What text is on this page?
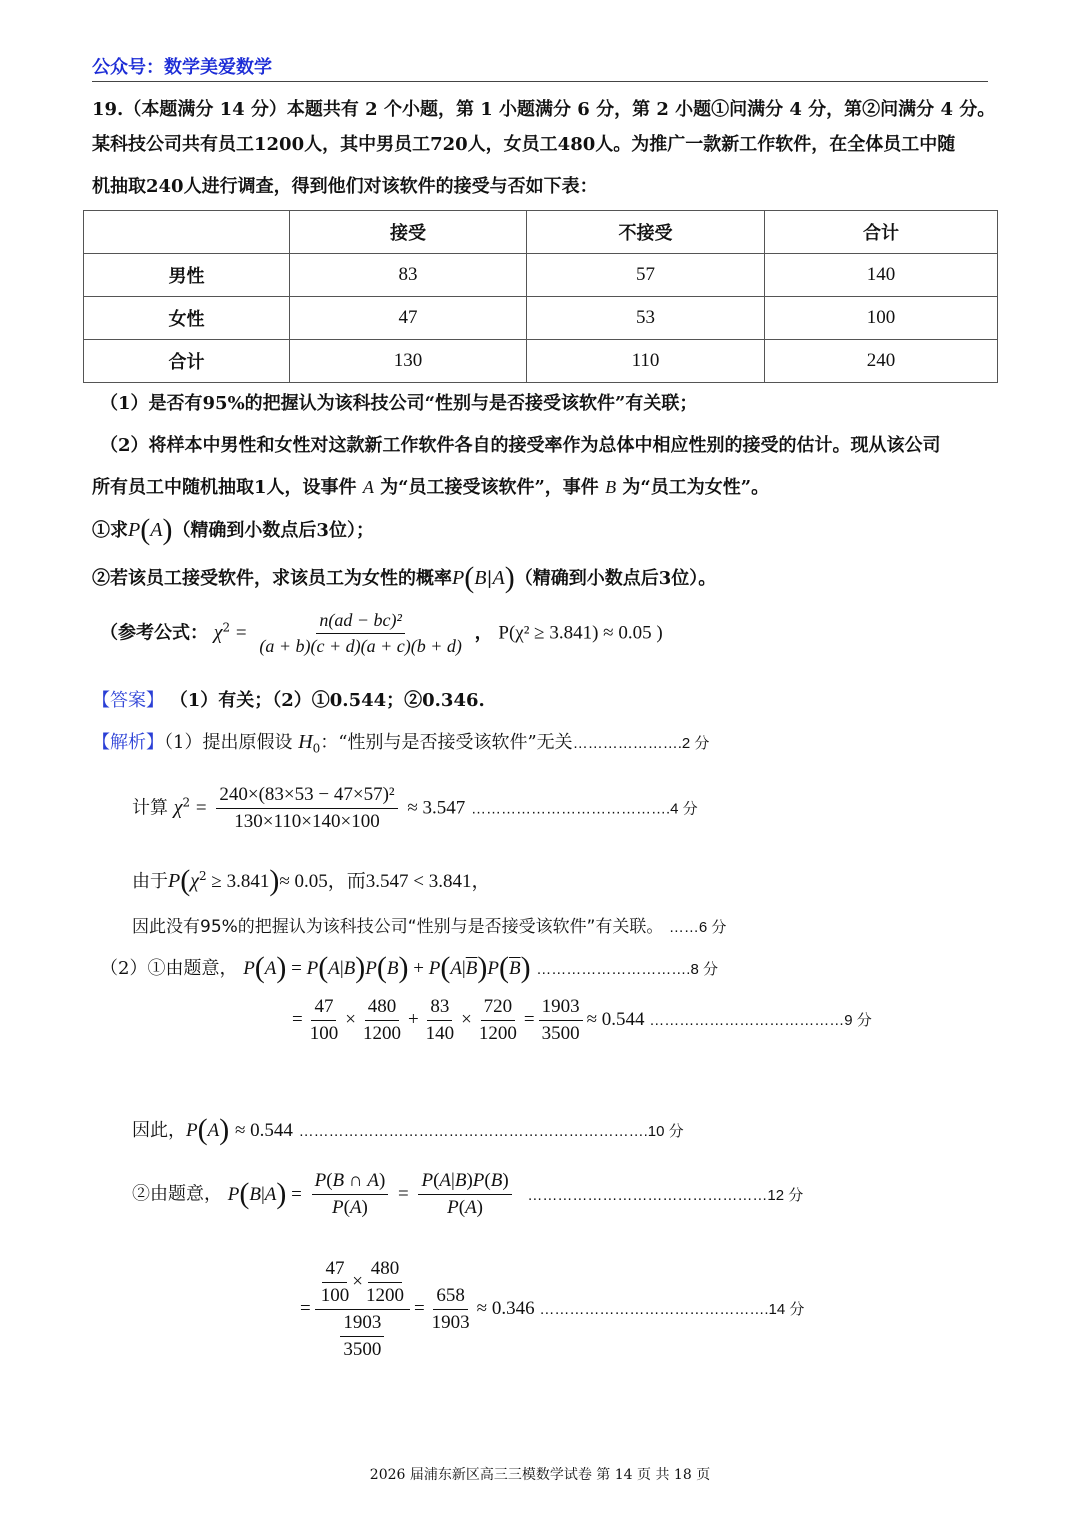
公众号：数学美爱数学
19.（本题满分 14 分）本题共有 2 个小题，第 1 小题满分 6 分，第 2 小题①问满分 4 分，第②问满分 4 分。
某科技公司共有员工1200人，其中男员工720人，女员工480人。为推广一款新工作软件，在全体员工中随
机抽取240人进行调查，得到他们对该软件的接受与否如下表：
	接受	不接受	合计
男性	83	57	140
女性	47	53	100
合计	130	110	240
（1）是否有95%的把握认为该科技公司“性别与是否接受该软件”有关联；
（2）将样本中男性和女性对这款新工作软件各自的接受率作为总体中相应性别的接受的估计。现从该公司
所有员工中随机抽取1人，设事件 A 为“员工接受该软件”，事件 B 为“员工为女性”。
①求P(A)（精确到小数点后3位）；
②若该员工接受软件，求该员工为女性的概率P(B|A)（精确到小数点后3位）。
（参考公式： $\chi^2 = \frac{\text{n(ad − bc)²}}{(a + b)(c + d)(a + c)(b + d)}$ ， P(χ² ≥ 3.841) ≈ 0.05 )
【答案】 （1）有关；（2）①0.544；②0.346.
【解析】（1）提出原假设 $H_0$：“性别与是否接受该软件”无关………………….2 分
计算 $\chi^2 = \frac{\text{240×(83×53 − 47×57)²}}{130\times 110\times 140\times 100} \approx 3.547$ ………………………………….4 分
由于$P(\chi^2 \ge 3.841)\approx 0.05$，而3.547 < 3.841，
因此没有95%的把握认为该科技公司“性别与是否接受该软件”有关联。 ……6 分
（2）①由题意， $P(A) = P(A|B)P(B) + P(A|\overline{B})P(\overline{B})$ ………………………….8 分
= $\frac{47}{100} \times \frac{480}{1200} + \frac{83}{140} \times \frac{720}{1200} = \frac{1903}{3500} \approx 0.544$ …………………………………9 分
因此，P(A) ≈ 0.544 …………………………………………………………….10 分
②由题意， $P(B|A) = \frac{P(B \cap A)}{P(A)} = \frac{P(A|B)P(B)}{P(A)}$ …………………………………………12 分
= $\frac{\frac{47}{100} \times \frac{480}{1200}}{\frac{1903}{3500}} = \frac{658}{1903} \approx 0.346$ ……………………………………….14 分
2026 届浦东新区高三三模数学试卷 第 14 页 共 18 页
